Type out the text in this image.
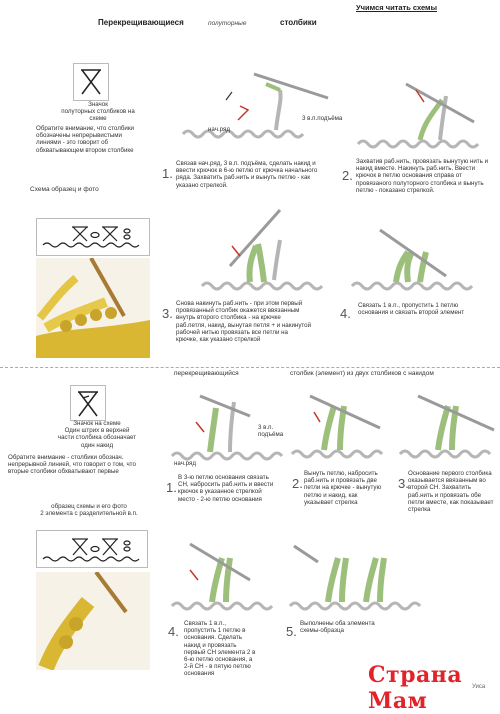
Учимся читать схемы
Перекрещивающиеся	полуторные	столбики
Значок
полуторных столбиков на
схеме
Обратите внимание, что столбики
обозначены непрерывистыми
линиями - это говорит об
обхватывающем втором столбике
Схема образец и фото
3 в.п.подъёма
нач.ряд
1.
Связав нач.ряд, 3 в.п. подъёма, сделать накид и
ввести крючок в 6-ю петлю от крючка начального
ряда. Захватить раб.нить и вынуть петлю - как
указано стрелкой.
2.
Захватив раб.нить, провязать вынутую нить и
накид вместе. Накинуть раб.нить. Ввести
крючок в петлю основания справа от
провязаного полуторного столбика и вынуть
петлю - показано стрелкой.
3.
Снова накинуть раб.нить - при этом первый
провязанный столбик окажется ввязанным
внутрь второго столбика - на крючке
раб.петля, накид, вынутая петля + и накинутой
рабочей нитью провязать все петли на
крючке, как указано стрелкой
4.
Связать 1 в.п., пропустить 1 петлю
основания и связать второй элемент
перекрещивающийся	столбик (элемент) из двух столбиков с накидом
Значок на схеме
Один штрих в верхней
части столбика обозначает
один накид
Обратите внимание - столбики обознач.
непрерывной линией, что говорит о том, что
вторые столбики обхватывают первые
образец схемы и его фото
2 элемента с разделительной в.п.
3 в.п.
подъёма
нач.ряд
1.
В 3-ю петлю основания связать
СН, набросить раб.нить и ввести
крючок в указанное стрелкой
место - 2-ю петлю основания
2.
Вынуть петлю, набросить
раб.нить и провязать две
петли на крючке - вынутую
петлю и накид, как
указывает стрелка
3.
Основание первого столбика
оказывается ввязанным во
второй СН. Захватить
раб.нить и провязать обе
петли вместе, как показывает
стрелка
4.
Связать 1 в.п.,
пропустить 1 петлю в
основания. Сделать
накид и провязать
первый СН элемента 2 в
6-ю петлю основания, а
2-й СН - в пятую петлю
основания
5.
Выполнены оба элемента
схемы-образца
Страна Мам
Уиса
